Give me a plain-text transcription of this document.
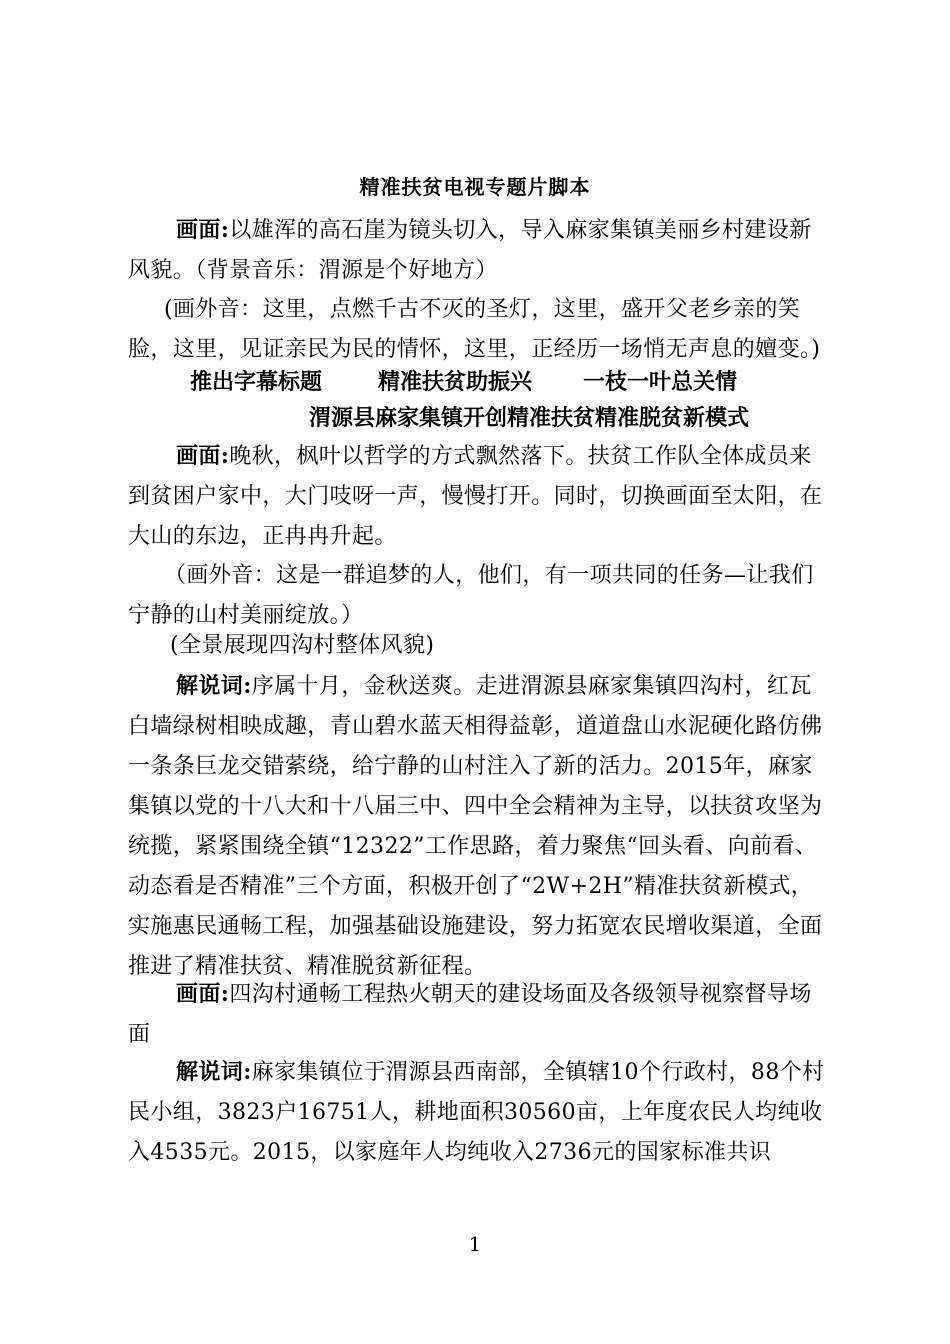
精准扶贫电视专题片脚本
画面:以雄浑的高石崖为镜头切入，导入麻家集镇美丽乡村建设新风貌。（背景音乐：渭源是个好地方）
(画外音：这里，点燃千古不灭的圣灯，这里，盛开父老乡亲的笑脸，这里，见证亲民为民的情怀，这里，正经历一场悄无声息的嬗变。)
推出字幕标题	精准扶贫助振兴 一枝一叶总关情
渭源县麻家集镇开创精准扶贫精准脱贫新模式
画面:晚秋，枫叶以哲学的方式飘然落下。扶贫工作队全体成员来到贫困户家中，大门吱呀一声，慢慢打开。同时，切换画面至太阳，在大山的东边，正冉冉升起。
（画外音：这是一群追梦的人，他们，有一项共同的任务—让我们宁静的山村美丽绽放。）
(全景展现四沟村整体风貌)
解说词:序属十月，金秋送爽。走进渭源县麻家集镇四沟村，红瓦白墙绿树相映成趣，青山碧水蓝天相得益彰，道道盘山水泥硬化路仿佛一条条巨龙交错萦绕，给宁静的山村注入了新的活力。2015年，麻家集镇以党的十八大和十八届三中、四中全会精神为主导，以扶贫攻坚为统揽，紧紧围绕全镇“12322”工作思路，着力聚焦“回头看、向前看、动态看是否精准”三个方面，积极开创了“2W+2H”精准扶贫新模式，实施惠民通畅工程，加强基础设施建设，努力拓宽农民增收渠道，全面推进了精准扶贫、精准脱贫新征程。
画面:四沟村通畅工程热火朝天的建设场面及各级领导视察督导场面
解说词:麻家集镇位于渭源县西南部，全镇辖10个行政村，88个村民小组，3823户16751人，耕地面积30560亩，上年度农民人均纯收入4535元。2015，以家庭年人均纯收入2736元的国家标准共识
1
